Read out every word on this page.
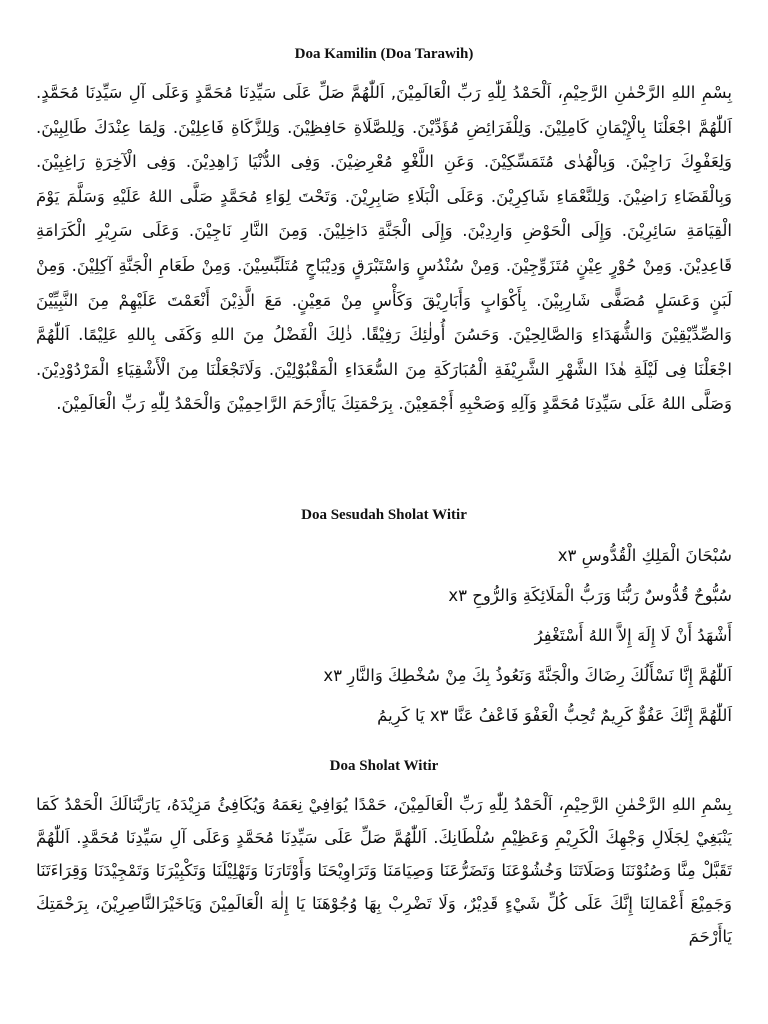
Doa Kamilin (Doa Tarawih)

بِسْمِ اللهِ الرَّحْمٰنِ الرَّحِيْمِ، اَلْحَمْدُ لِلّٰهِ رَبِّ الْعَالَمِيْنَ, اَللّٰهُمَّ صَلِّ عَلَى سَيِّدِنَا مُحَمَّدٍ وَعَلَى آلِ سَيِّدِنَا مُحَمَّدٍ. اَللّٰهُمَّ اجْعَلْنَا بِالْإِيْمَانِ كَامِلِيْنَ. وَلِلْفَرَائِضِ مُؤَدِّيْنَ. وَلِلصَّلَاةِ حَافِظِيْنَ. وَلِلزَّكَاةِ فَاعِلِيْنَ. وَلِمَا عِنْدَكَ طَالِبِيْنَ. وَلِعَفْوِكَ رَاجِيْنَ. وَبِالْهُدٰى مُتَمَسِّكِيْنَ. وَعَنِ اللَّغْوِ مُعْرِضِيْنَ. وَفِى الدُّنْيَا زَاهِدِيْنَ. وَفِى الْآخِرَةِ رَاغِبِيْنَ. وَبِالْقَضَاءِ رَاضِيْنَ. وَلِلنَّعْمَاءِ شَاكِرِيْنَ. وَعَلَى الْبَلَاءِ صَابِرِيْنَ. وَتَحْتَ لِوَاءِ مُحَمَّدٍ صَلَّى اللهُ عَلَيْهِ وَسَلَّمَ يَوْمَ الْقِيَامَةِ سَائِرِيْنَ. وَإِلَى الْحَوْضِ وَارِدِيْنَ. وَإِلَى الْجَنَّةِ دَاخِلِيْنَ. وَمِنَ النَّارِ نَاجِيْنَ. وَعَلَى سَرِيْرِ الْكَرَامَةِ قَاعِدِيْنَ. وَمِنْ حُوْرٍ عِيْنٍ مُتَزَوِّجِيْنَ. وَمِنْ سُنْدُسٍ وَاسْتَبْرَقٍ وَدِيْبَاجٍ مُتَلَبِّسِيْنَ. وَمِنْ طَعَامِ الْجَنَّةِ آكِلِيْنَ. وَمِنْ لَبَنٍ وَعَسَلٍ مُصَفًّى شَارِبِيْنَ. بِأَكْوَابٍ وَأَبَارِيْقَ وَكَأْسٍ مِنْ مَعِيْنٍ. مَعَ الَّذِيْنَ أَنْعَمْتَ عَلَيْهِمْ مِنَ النَّبِيِّيْنَ وَالصِّدِّيْقِيْنَ وَالشُّهَدَاءِ وَالصَّالِحِيْنَ. وَحَسُنَ أُولٰئِكَ رَفِيْقًا. ذٰلِكَ الْفَضْلُ مِنَ اللهِ وَكَفَى بِاللهِ عَلِيْمًا. اَللّٰهُمَّ اجْعَلْنَا فِى لَيْلَةِ هٰذَا الشَّهْرِ الشَّرِيْفَةِ الْمُبَارَكَةِ مِنَ السُّعَدَاءِ الْمَقْبُوْلِيْنَ. وَلَاتَجْعَلْنَا مِنَ الْأَشْقِيَاءِ الْمَرْدُوْدِيْنَ. وَصَلَّى اللهُ عَلَى سَيِّدِنَا مُحَمَّدٍ وَآلِهِ وَصَحْبِهِ أَجْمَعِيْنَ. بِرَحْمَتِكَ يَاأَرْحَمَ الرَّاحِمِيْنَ وَالْحَمْدُ لِلّٰهِ رَبِّ الْعَالَمِيْنَ.

Doa Sesudah Sholat Witir

سُبْحَانَ الْمَلِكِ الْقُدُّوسِ x٣

سُبُّوحٌ قُدُّوسٌ رَبُّنَا وَرَبُّ الْمَلَائِكَةِ وَالرُّوحِ x٣

أَشْهَدُ أَنْ لَا إِلَهَ إِلاَّ اللهُ أَسْتَغْفِرُ

اَللّٰهُمَّ إِنَّا نَسْأَلُكَ رِضَاكَ والْجَنَّةَ وَنَعُوذُ بِكَ مِنْ سُخْطِكَ وَالنَّارِ x٣

اَللّٰهُمَّ إِنَّكَ عَفُوٌّ كَرِيمٌ تُحِبُّ الْعَفْوَ فَاعْفُ عَنَّا x٣ يَا كَرِيمُ

Doa Sholat Witir

بِسْمِ اللهِ الرَّحْمٰنِ الرَّحِيْمِ، اَلْحَمْدُ لِلّٰهِ رَبِّ الْعَالَمِيْنَ، حَمْدًا يُوَافِيْ نِعَمَهُ وَيُكَافِئُ مَزِيْدَهُ، يَارَبَّنَالَكَ الْحَمْدُ كَمَا يَنْبَغِيْ لِجَلَالِ وَجْهِكَ الْكَرِيْمِ وَعَظِيْمِ سُلْطَانِكَ. اَللّٰهُمَّ صَلِّ عَلَى سَيِّدِنَا مُحَمَّدٍ وَعَلَى آلِ سَيِّدِنَا مُحَمَّدٍ. اَللّٰهُمَّ تَقَبَّلْ مِنَّا وَصُنُوْنَنَا وَصَلَاتَنَا وَخُشُوْعَنَا وَتَضَرُّعَنَا وَصِيَامَنَا وَتَرَاوِيْحَنَا وَأَوْتَارَنَا وَتَهْلِيْلَنَا وَتَكْبِيْرَنَا وَتَمْجِيْدَنَا وَقِرَاءَتَنَا وَجَمِيْعَ أَعْمَالِنَا إِنَّكَ عَلَى كُلِّ شَيْءٍ قَدِيْرٌ، وَلَا تَضْرِبْ بِهَا وُجُوْهَنَا يَا إِلٰهَ الْعَالَمِيْنَ وَيَاخَيْرَالنَّاصِرِيْنَ، بِرَحْمَتِكَ يَاأَرْحَمَ
